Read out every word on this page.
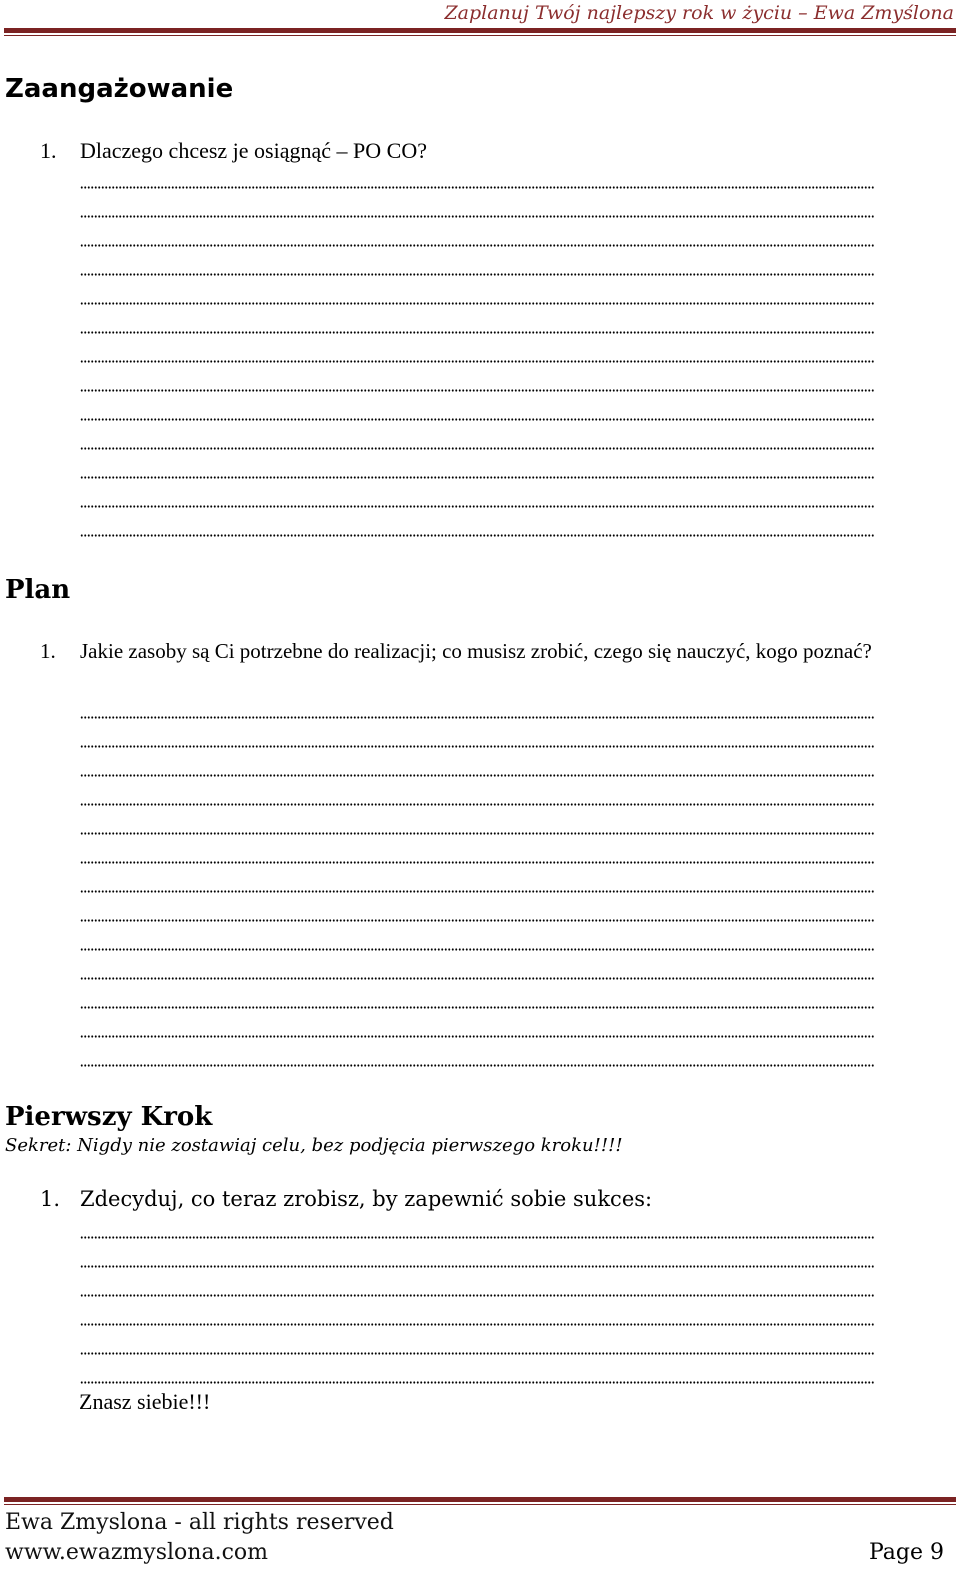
Zaplanuj Twój najlepszy rok w życiu – Ewa Zmyślona
Zaangażowanie
1. Dlaczego chcesz je osiągnąć – PO CO?
Plan
1.	Jakie zasoby są Ci potrzebne do realizacji; co musisz zrobić, czego się nauczyć, kogo poznać?
Pierwszy Krok
Sekret: Nigdy nie zostawiaj celu, bez podjęcia pierwszego kroku!!!!
1. Zdecyduj, co teraz zrobisz, by zapewnić sobie sukces:
Znasz siebie!!!
Ewa Zmyslona - all rights reserved
www.ewazmyslona.com	Page 9
